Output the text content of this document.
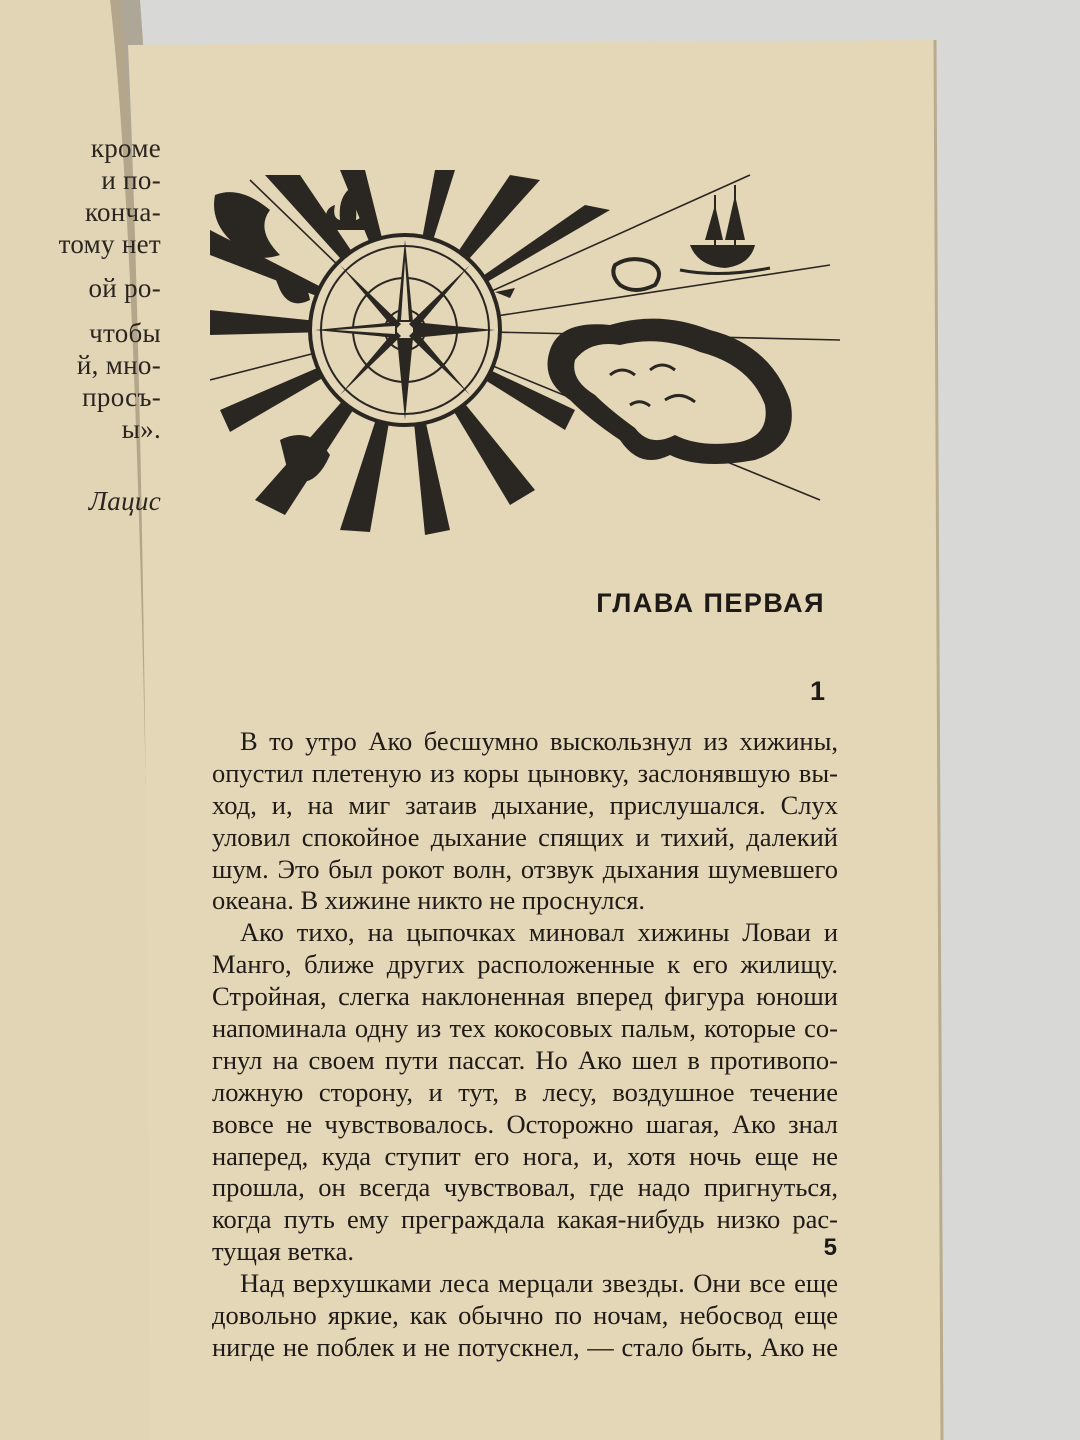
кроме
и по-
кончa-
тому нет
ой ро-
чтобы
й, мно-
просъ-
ы».
Лацис
ГЛАВА ПЕРВАЯ
1
В то утро Ако бесшумно выскользнул из хижины,
опустил плетеную из коры цыновку, заслонявшую вы-
ход, и, на миг затаив дыхание, прислушался. Слух
уловил спокойное дыхание спящих и тихий, далекий
шум. Это был рокот волн, отзвук дыхания шумевшего
океана. В хижине никто не проснулся.
Ако тихо, на цыпочках миновал хижины Ловаи и
Манго, ближе других расположенные к его жилищу.
Стройная, слегка наклоненная вперед фигура юноши
напоминала одну из тех кокосовых пальм, которые со-
гнул на своем пути пассат. Но Ако шел в противопо-
ложную сторону, и тут, в лесу, воздушное течение
вовсе не чувствовалось. Осторожно шагая, Ако знал
наперед, куда ступит его нога, и, хотя ночь еще не
прошла, он всегда чувствовал, где надо пригнуться,
когда путь ему преграждала какая-нибудь низко рас-
тущая ветка.
Над верхушками леса мерцали звезды. Они все еще
довольно яркие, как обычно по ночам, небосвод еще
нигде не поблек и не потускнел, — стало быть, Ако не
5
